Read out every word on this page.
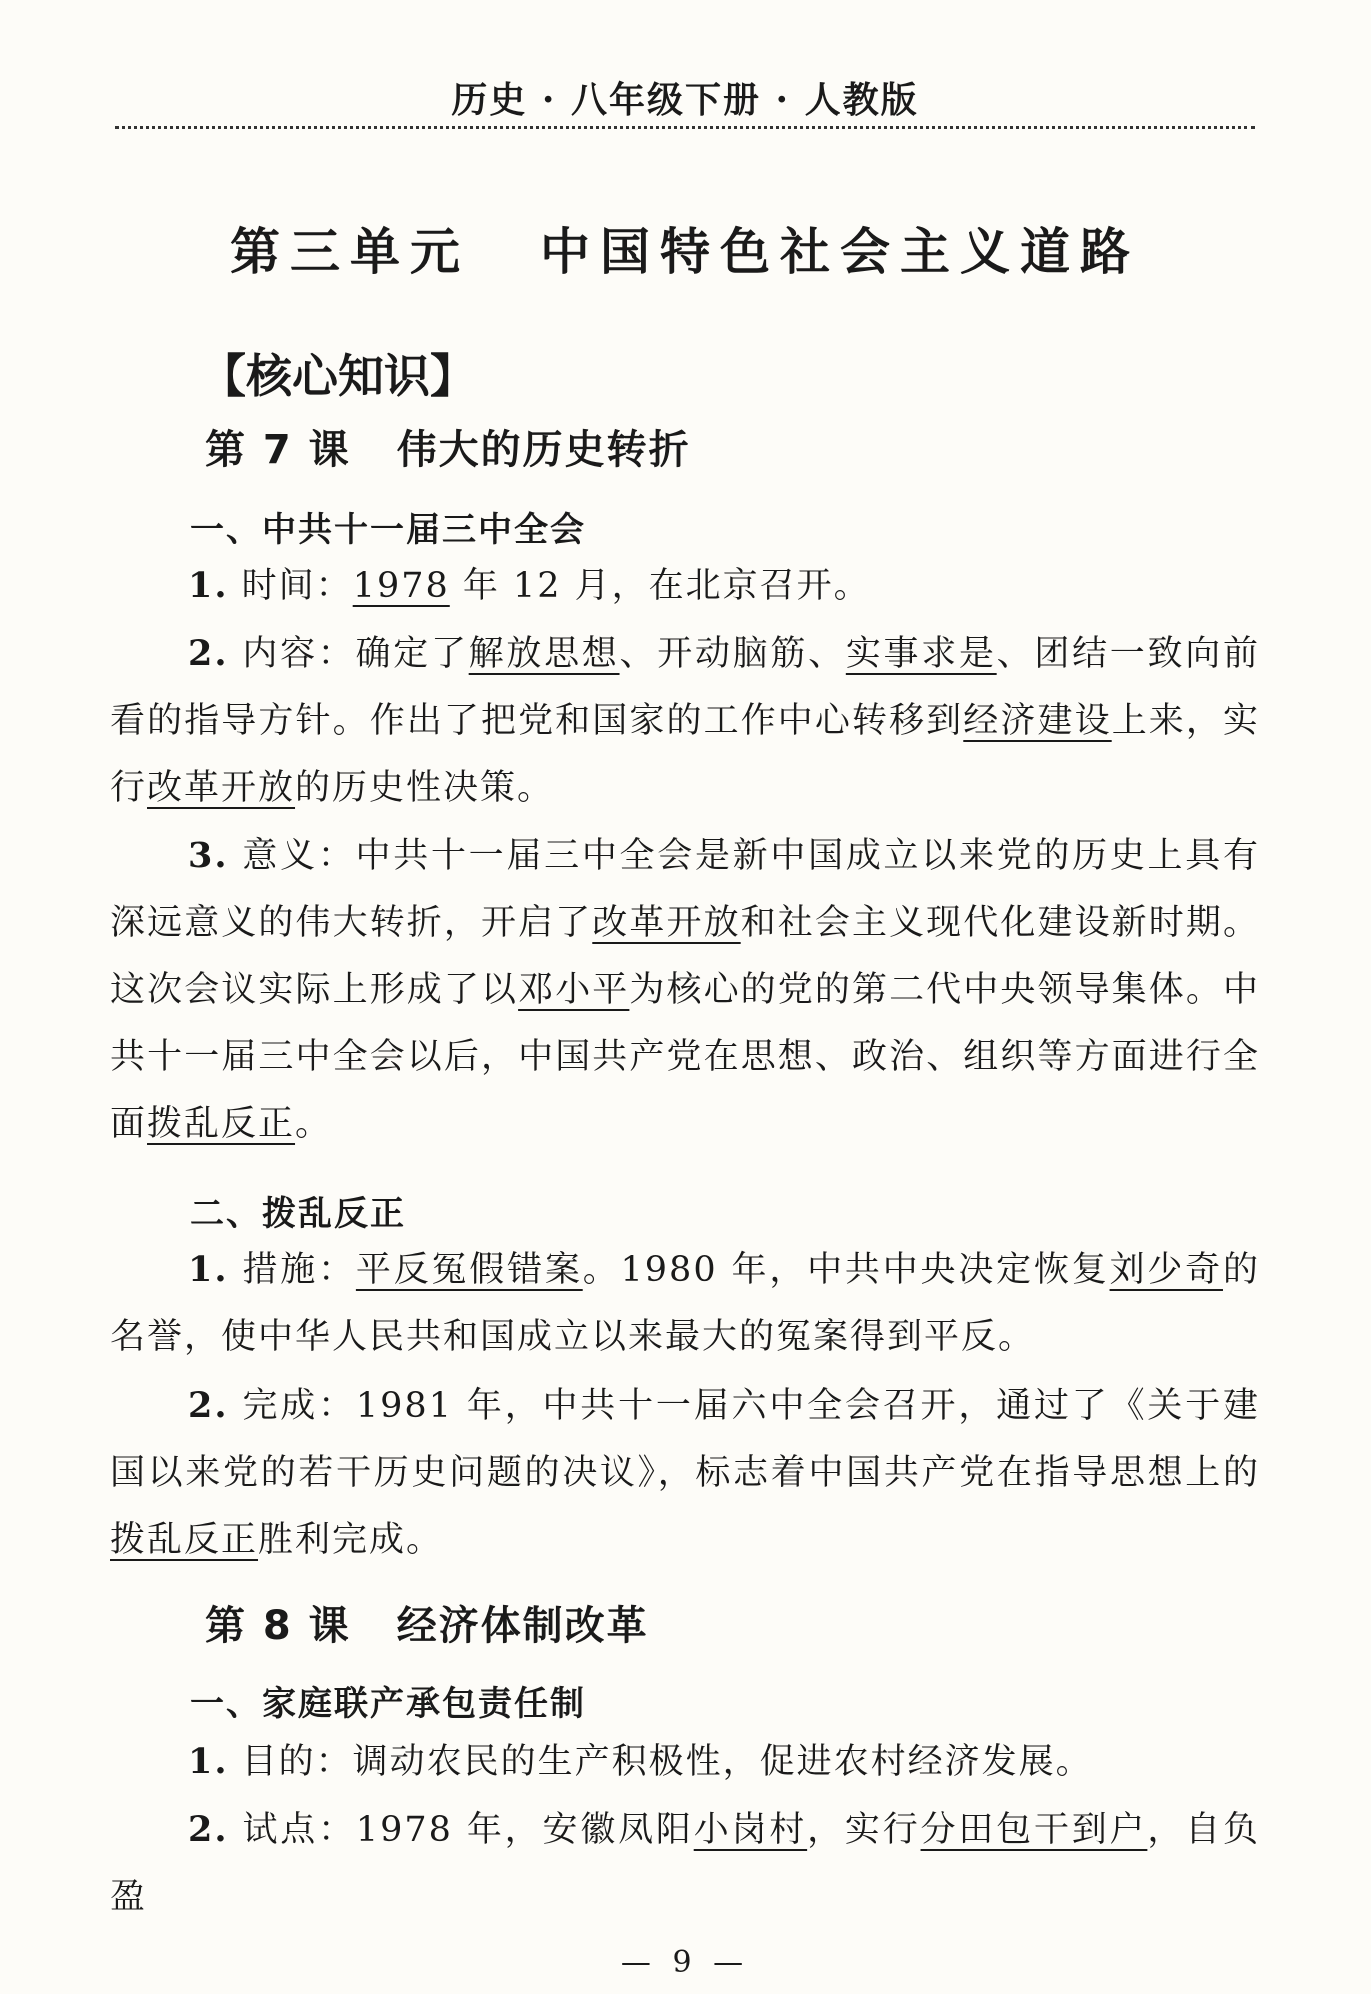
历史 · 八年级下册 · 人教版
第三单元 中国特色社会主义道路
【核心知识】
第 7 课 伟大的历史转折
一、中共十一届三中全会

1. 时间：1978 年 12 月，在北京召开。

2. 内容：确定了解放思想、开动脑筋、实事求是、团结一致向前看的指导方针。作出了把党和国家的工作中心转移到经济建设上来，实行改革开放的历史性决策。

3. 意义：中共十一届三中全会是新中国成立以来党的历史上具有深远意义的伟大转折，开启了改革开放和社会主义现代化建设新时期。这次会议实际上形成了以邓小平为核心的党的第二代中央领导集体。中共十一届三中全会以后，中国共产党在思想、政治、组织等方面进行全面拨乱反正。

二、拨乱反正

1. 措施：平反冤假错案。1980 年，中共中央决定恢复刘少奇的名誉，使中华人民共和国成立以来最大的冤案得到平反。

2. 完成：1981 年，中共十一届六中全会召开，通过了《关于建国以来党的若干历史问题的决议》，标志着中国共产党在指导思想上的拨乱反正胜利完成。

第 8 课 经济体制改革
一、家庭联产承包责任制

1. 目的：调动农民的生产积极性，促进农村经济发展。

2. 试点：1978 年，安徽凤阳小岗村，实行分田包干到户，自负盈

— 9 —
